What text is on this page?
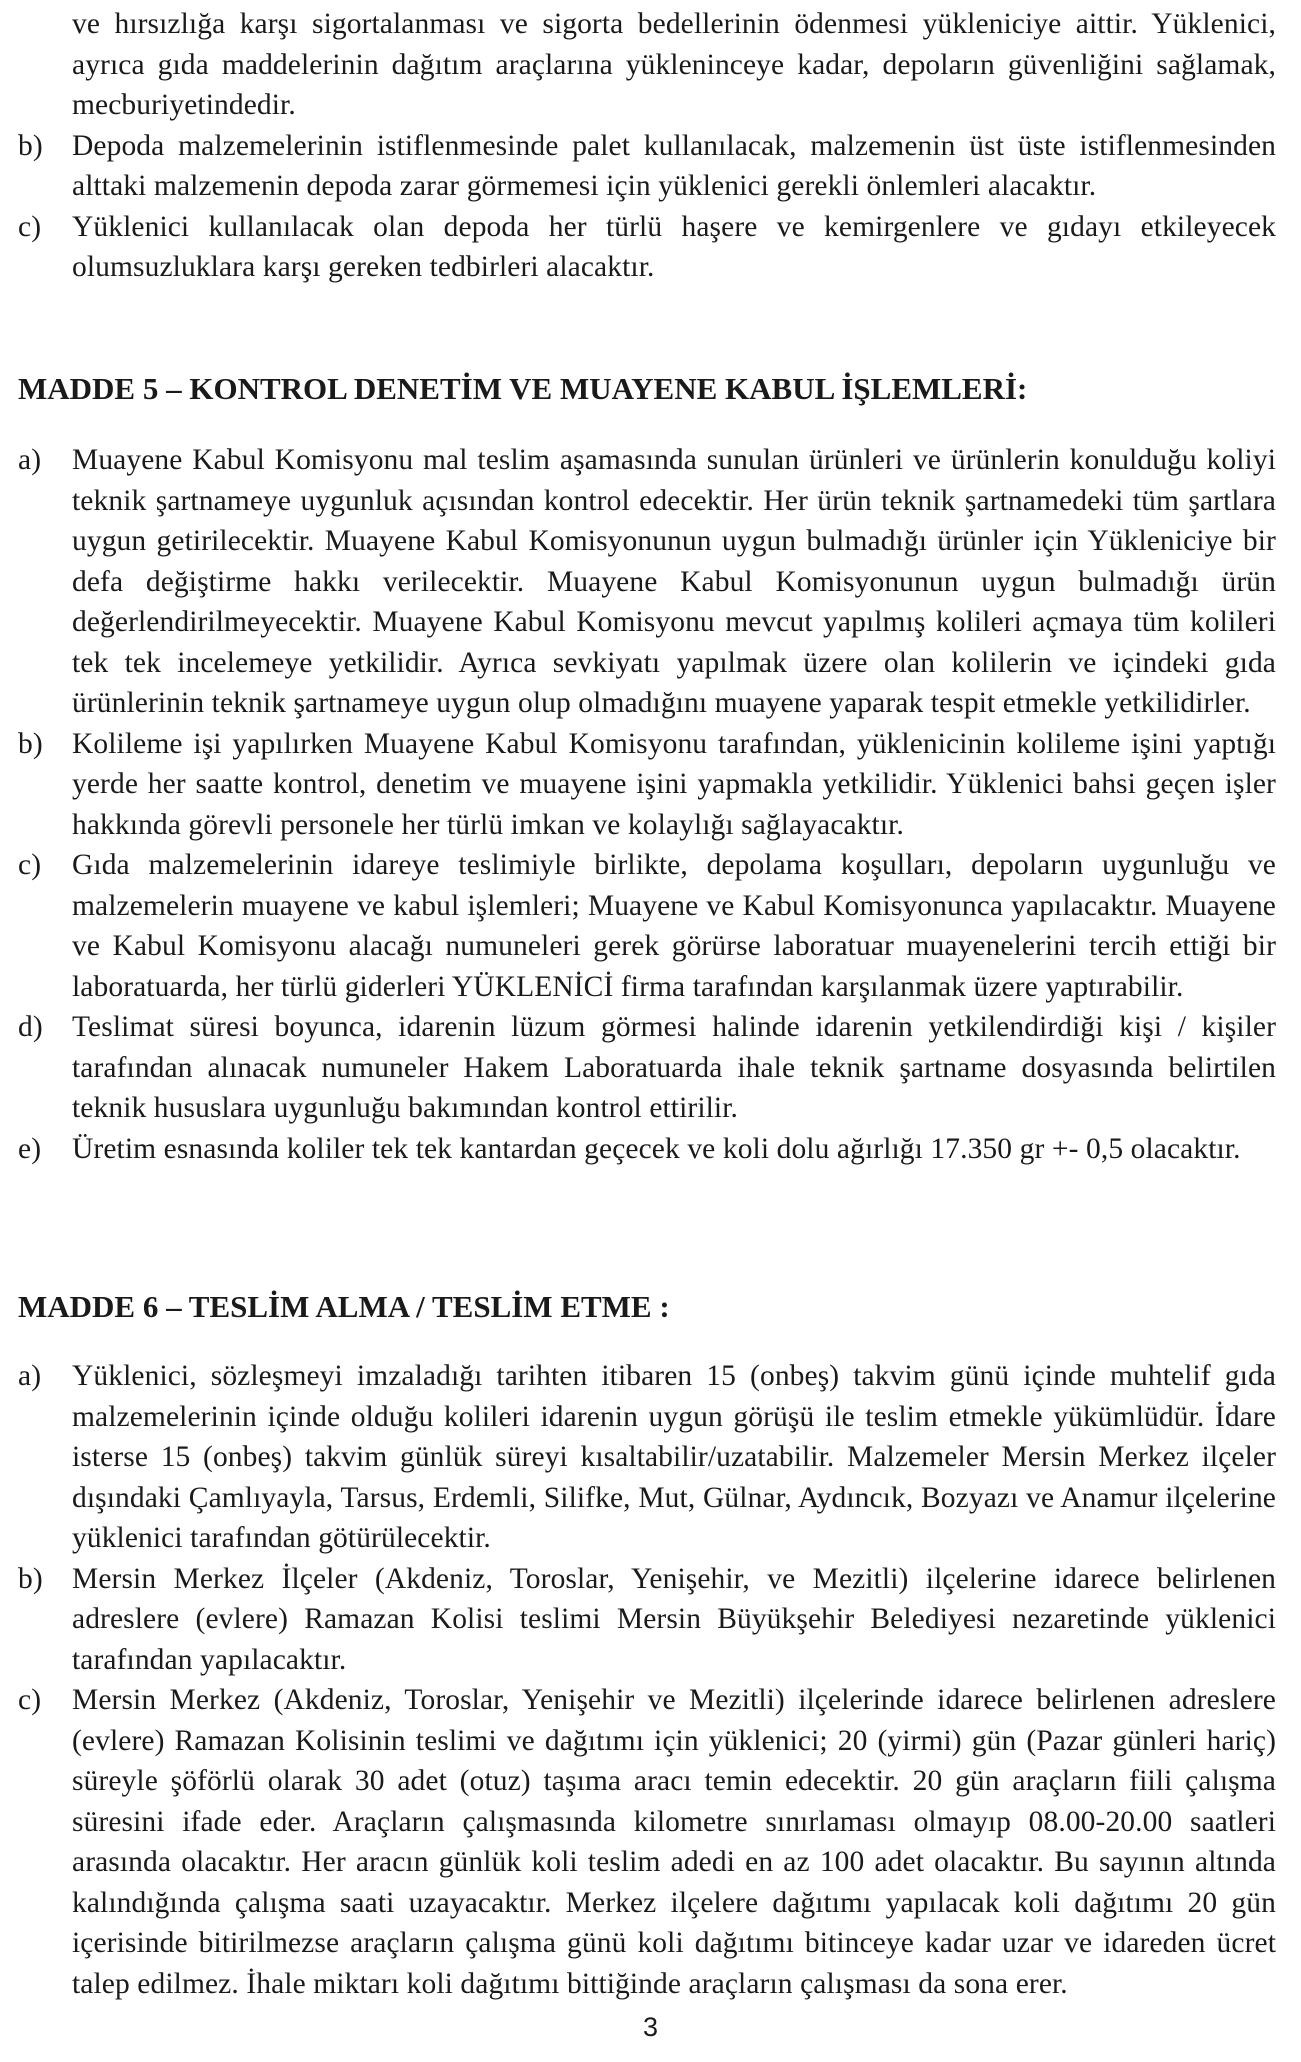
ve hırsızlığa karşı sigortalanması ve sigorta bedellerinin ödenmesi yükleniciye aittir. Yüklenici, ayrıca gıda maddelerinin dağıtım araçlarına yükleninceye kadar, depoların güvenliğini sağlamak, mecburiyetindedir.
b) Depoda malzemelerinin istiflenmesinde palet kullanılacak, malzemenin üst üste istiflenmesinden alttaki malzemenin depoda zarar görmemesi için yüklenici gerekli önlemleri alacaktır.
c) Yüklenici kullanılacak olan depoda her türlü haşere ve kemirgenlere ve gıdayı etkileyecek olumsuzluklara karşı gereken tedbirleri alacaktır.
MADDE 5 – KONTROL DENETİM VE MUAYENE KABUL İŞLEMLERİ:
a) Muayene Kabul Komisyonu mal teslim aşamasında sunulan ürünleri ve ürünlerin konulduğu koliyi teknik şartnameye uygunluk açısından kontrol edecektir. Her ürün teknik şartnamedeki tüm şartlara uygun getirilecektir. Muayene Kabul Komisyonunun uygun bulmadığı ürünler için Yükleniciye bir defa değiştirme hakkı verilecektir. Muayene Kabul Komisyonunun uygun bulmadığı ürün değerlendirilmeyecektir. Muayene Kabul Komisyonu mevcut yapılmış kolileri açmaya tüm kolileri tek tek incelemeye yetkilidir. Ayrıca sevkiyatı yapılmak üzere olan kolilerin ve içindeki gıda ürünlerinin teknik şartnameye uygun olup olmadığını muayene yaparak tespit etmekle yetkilidirler.
b) Kolileme işi yapılırken Muayene Kabul Komisyonu tarafından, yüklenicinin kolileme işini yaptığı yerde her saatte kontrol, denetim ve muayene işini yapmakla yetkilidir. Yüklenici bahsi geçen işler hakkında görevli personele her türlü imkan ve kolaylığı sağlayacaktır.
c) Gıda malzemelerinin idareye teslimiyle birlikte, depolama koşulları, depoların uygunluğu ve malzemelerin muayene ve kabul işlemleri; Muayene ve Kabul Komisyonunca yapılacaktır. Muayene ve Kabul Komisyonu alacağı numuneleri gerek görürse laboratuar muayenelerini tercih ettiği bir laboratuarda, her türlü giderleri YÜKLENİCİ firma tarafından karşılanmak üzere yaptırabilir.
d) Teslimat süresi boyunca, idarenin lüzum görmesi halinde idarenin yetkilendirdiği kişi / kişiler tarafından alınacak numuneler Hakem Laboratuarda ihale teknik şartname dosyasında belirtilen teknik hususlara uygunluğu bakımından kontrol ettirilir.
e) Üretim esnasında koliler tek tek kantardan geçecek ve koli dolu ağırlığı 17.350 gr +- 0,5 olacaktır.
MADDE 6 – TESLİM ALMA / TESLİM ETME :
a) Yüklenici, sözleşmeyi imzaladığı tarihten itibaren 15 (onbeş) takvim günü içinde muhtelif gıda malzemelerinin içinde olduğu kolileri idarenin uygun görüşü ile teslim etmekle yükümlüdür. İdare isterse 15 (onbeş) takvim günlük süreyi kısaltabilir/uzatabilir. Malzemeler Mersin Merkez ilçeler dışındaki Çamlıyayla, Tarsus, Erdemli, Silifke, Mut, Gülnar, Aydıncık, Bozyazı ve Anamur ilçelerine yüklenici tarafından götürülecektir.
b) Mersin Merkez İlçeler (Akdeniz, Toroslar, Yenişehir, ve Mezitli) ilçelerine idarece belirlenen adreslere (evlere) Ramazan Kolisi teslimi Mersin Büyükşehir Belediyesi nezaretinde yüklenici tarafından yapılacaktır.
c) Mersin Merkez (Akdeniz, Toroslar, Yenişehir ve Mezitli) ilçelerinde idarece belirlenen adreslere (evlere) Ramazan Kolisinin teslimi ve dağıtımı için yüklenici; 20 (yirmi) gün (Pazar günleri hariç) süreyle şöförlü olarak 30 adet (otuz) taşıma aracı temin edecektir. 20 gün araçların fiili çalışma süresini ifade eder. Araçların çalışmasında kilometre sınırlaması olmayıp 08.00-20.00 saatleri arasında olacaktır. Her aracın günlük koli teslim adedi en az 100 adet olacaktır. Bu sayının altında kalındığında çalışma saati uzayacaktır. Merkez ilçelere dağıtımı yapılacak koli dağıtımı 20 gün içerisinde bitirilmezse araçların çalışma günü koli dağıtımı bitinceye kadar uzar ve idareden ücret talep edilmez. İhale miktarı koli dağıtımı bittiğinde araçların çalışması da sona erer.
3
